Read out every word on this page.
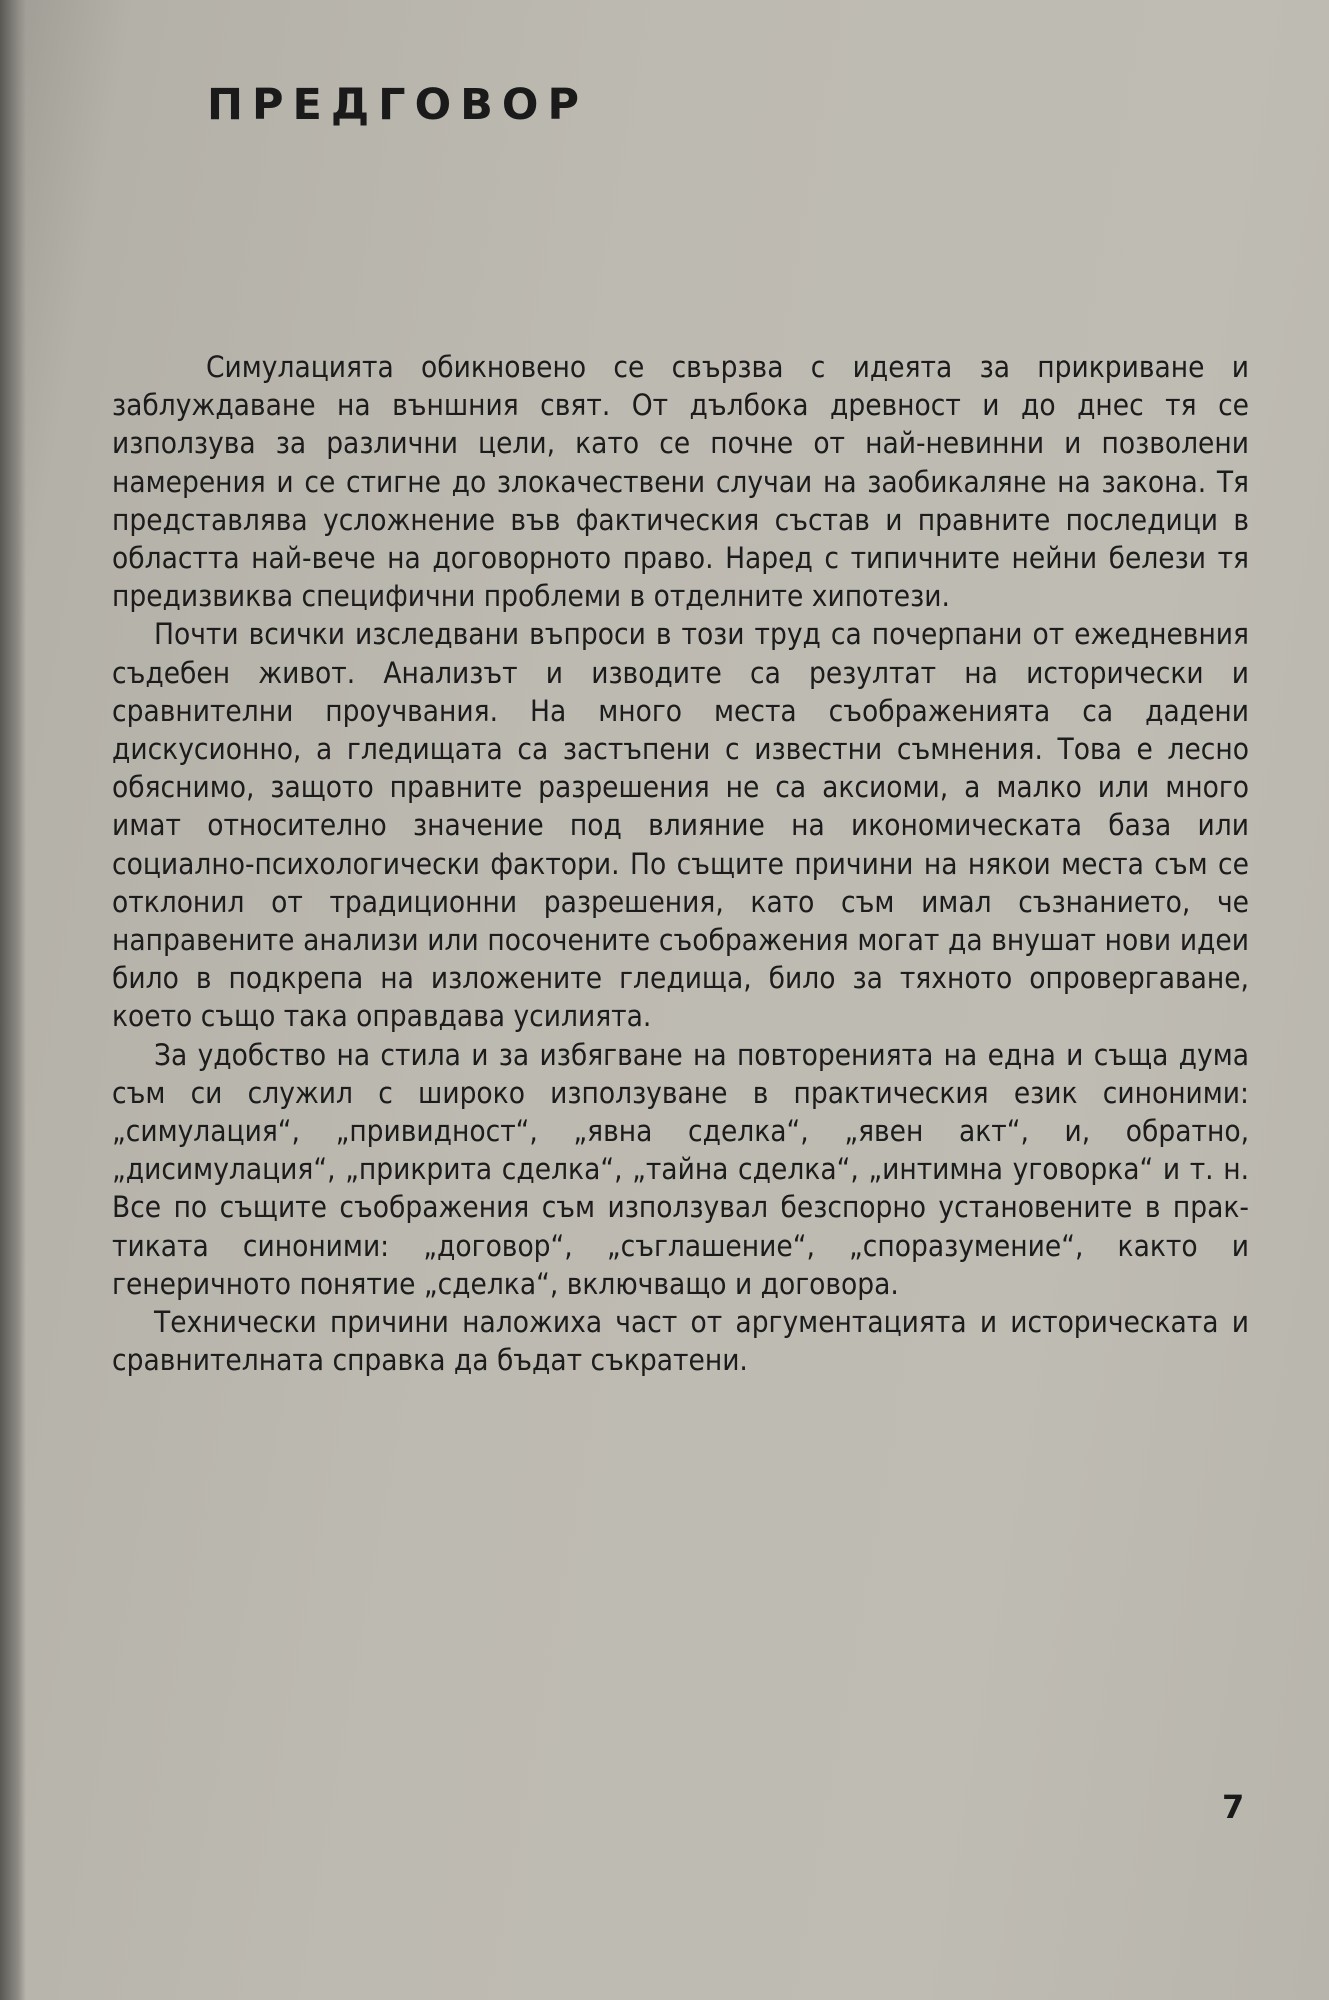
ПРЕДГОВОР

Симулацията обикновено се свързва с идеята за прикриване и заблуждаване на външния свят. От дълбока древност и до днес тя се използува за различни цели, като се почне от най-невинни и позволени намерения и се стигне до злокачествени случаи на заобикаляне на закона. Тя представлява усложнение във фактическия състав и правните последици в областта най-вече на договорното право. Наред с типичните нейни белези тя предизвиква специфични проблеми в отделните хипотези.

Почти всички изследвани въпроси в този труд са почерпани от ежедневния съдебен живот. Анализът и изводите са резултат на исторически и сравнителни проучвания. На много места съображенията са дадени дискусионно, а гледищата са застъпени с известни съмнения. Това е лесно обяснимо, защото правните разрешения не са аксиоми, а малко или много имат относително значение под влияние на икономическата база или социално-психологически фактори. По същите причини на някои места съм се отклонил от традиционни разрешения, като съм имал съзнанието, че направените анализи или посочените съображения могат да внушат нови идеи било в подкрепа на изложените гледища, било за тяхното опровергаване, което също така оправдава усилията.

За удобство на стила и за избягване на повторенията на една и съща дума съм си служил с широко използуване в практическия език синоними: „симулация“, „привидност“, „явна сделка“, „явен акт“, и, обратно, „дисимулация“, „прикрита сделка“, „тайна сделка“, „интимна уговорка“ и т. н. Все по същите съображения съм използувал безспорно установените в практиката синоними: „договор“, „съглашение“, „споразумение“, както и генеричното понятие „сделка“, включващо и договора.

Технически причини наложиха част от аргументацията и историческата и сравнителната справка да бъдат съкратени.

7
